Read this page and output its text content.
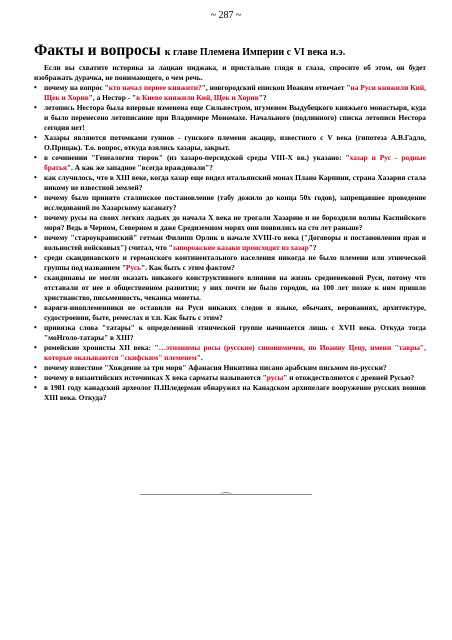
~ 287 ~
Факты и вопросы к главе Племена Империи с VI века н.э.

Если вы схватите историка за лацкан пиджака, и пристально глядя в глаза, спросите об этом, он будет изображать дурачка, не понимающего, о чем речь.

• почему на вопрос "кто начал первее княжити?", новгородский епископ Иоаким отвечает "на Руси княжили Кий, Щек и Хорив", а Нестор - "в Киеве княжили Кий, Щек и Хорив"?
• летопись Нестора была впервые изменена еще Сильвестром, игуменом Выдубецкого княжьего монастыря, куда и было перенесено летописание при Владимире Мономахе. Начального (подлинного) списка летописи Нестора сегодня нет!
• Хазары являются потомками гуннов - гунского племени акацир, известного с V века (гипотеза А.В.Гадло, О.Прицак). Т.о. вопрос, откуда взялись хазары, закрыт.
• в сочинении "Генеалогия тюрок" (из хазаро-персидской среды VIII-X вв.) указано: "хазар и Рус - родные братья". А как же западное "всегда враждовали"?
• как случилось, что в XIII веке, когда хазар еще видел итальянский монах Плано Карпини, страна Хазария стала никому не известной землей?
• почему было принято сталинское постановление (табу дожило до конца 50х годов), запрещавшее проведение исследований по Хазарскому каганату?
• почему русы на своих легких ладьях до начала X века не трогали Хазарию и не бороздили волны Каспийского моря? Ведь в Черном, Северном и даже Средиземном морях они появились на сто лет раньше?
• почему "староукраинский" гетман Филипп Орлик в начале XVIII-го века ("Договоры и постановления прав и вольностей войсковых") считал, что "запорожские казаки происходят из хазар"?
• среди скандинавского и германского континентального населения никогда не было племени или этнической группы под названием "Русь". Как быть с этим фактом?
• скандинавы не могли оказать никакого конструктивного влияния на жизнь средневековой Руси, потому что отставали от нее в общественном развитии; у них почти не было городов, на 100 лет позже к ним пришло христианство, письменность, чеканка монеты.
• варяги-иноплеменники не оставили на Руси никаких следов в языке, обычаях, верованиях, архитектуре, судостроении, быте, ремеслах и т.п. Как быть с этим?
• привязка слова "татары" к определенной этнической группе начинается лишь с XVII века. Откуда тогда "моНголо-татары" в XIII?
• ромейские хронисты XII века: "…этнонимы росы (русские) синонимичен, по Иоанну Цецу, имени "тавры", которые оказываются "скифским" племенем".
• почему известное "Хождение за три моря" Афанасия Никитина писано арабским письмом по-русски?
• почему в византийских источниках X века сарматы называются "русы" и отождествляются с древней Русью?
• в 1981 году канадский археолог П.Шледерман обнаружил на Канадском архипелаге вооружение русских воинов XIII века. Откуда?
